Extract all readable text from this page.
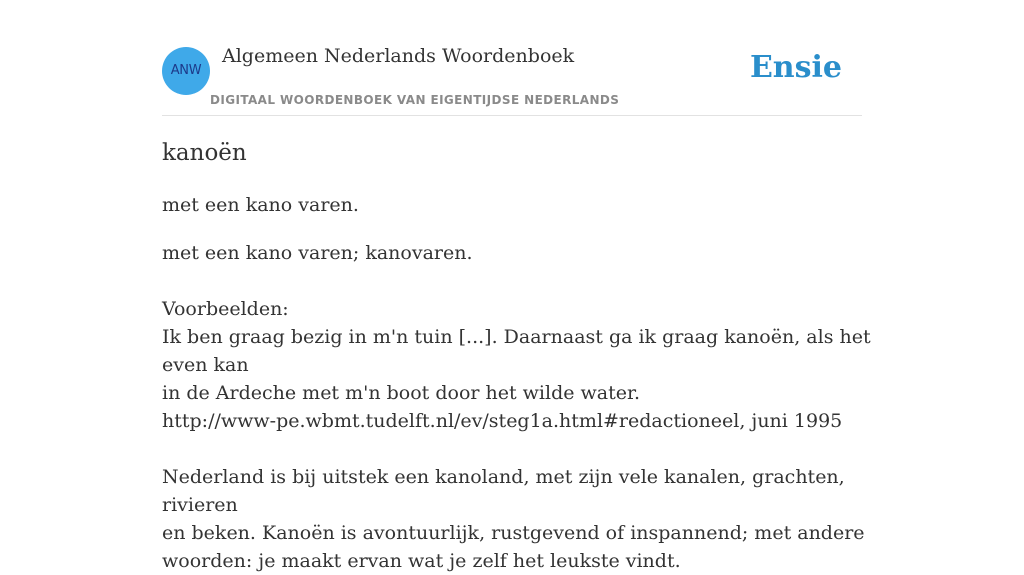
ANW
Algemeen Nederlands Woordenboek
DIGITAAL WOORDENBOEK VAN EIGENTIJDSE NEDERLANDS
Ensie
kanoën

met een kano varen.

met een kano varen; kanovaren.

Voorbeelden:

Ik ben graag bezig in m'n tuin [...]. Daarnaast ga ik graag kanoën, als het even kan

in de Ardeche met m'n boot door het wilde water.

http://www-pe.wbmt.tudelft.nl/ev/steg1a.html#redactioneel, juni 1995

Nederland is bij uitstek een kanoland, met zijn vele kanalen, grachten, rivieren

en beken. Kanoën is avontuurlijk, rustgevend of inspannend; met andere

woorden: je maakt ervan wat je zelf het leukste vindt.
